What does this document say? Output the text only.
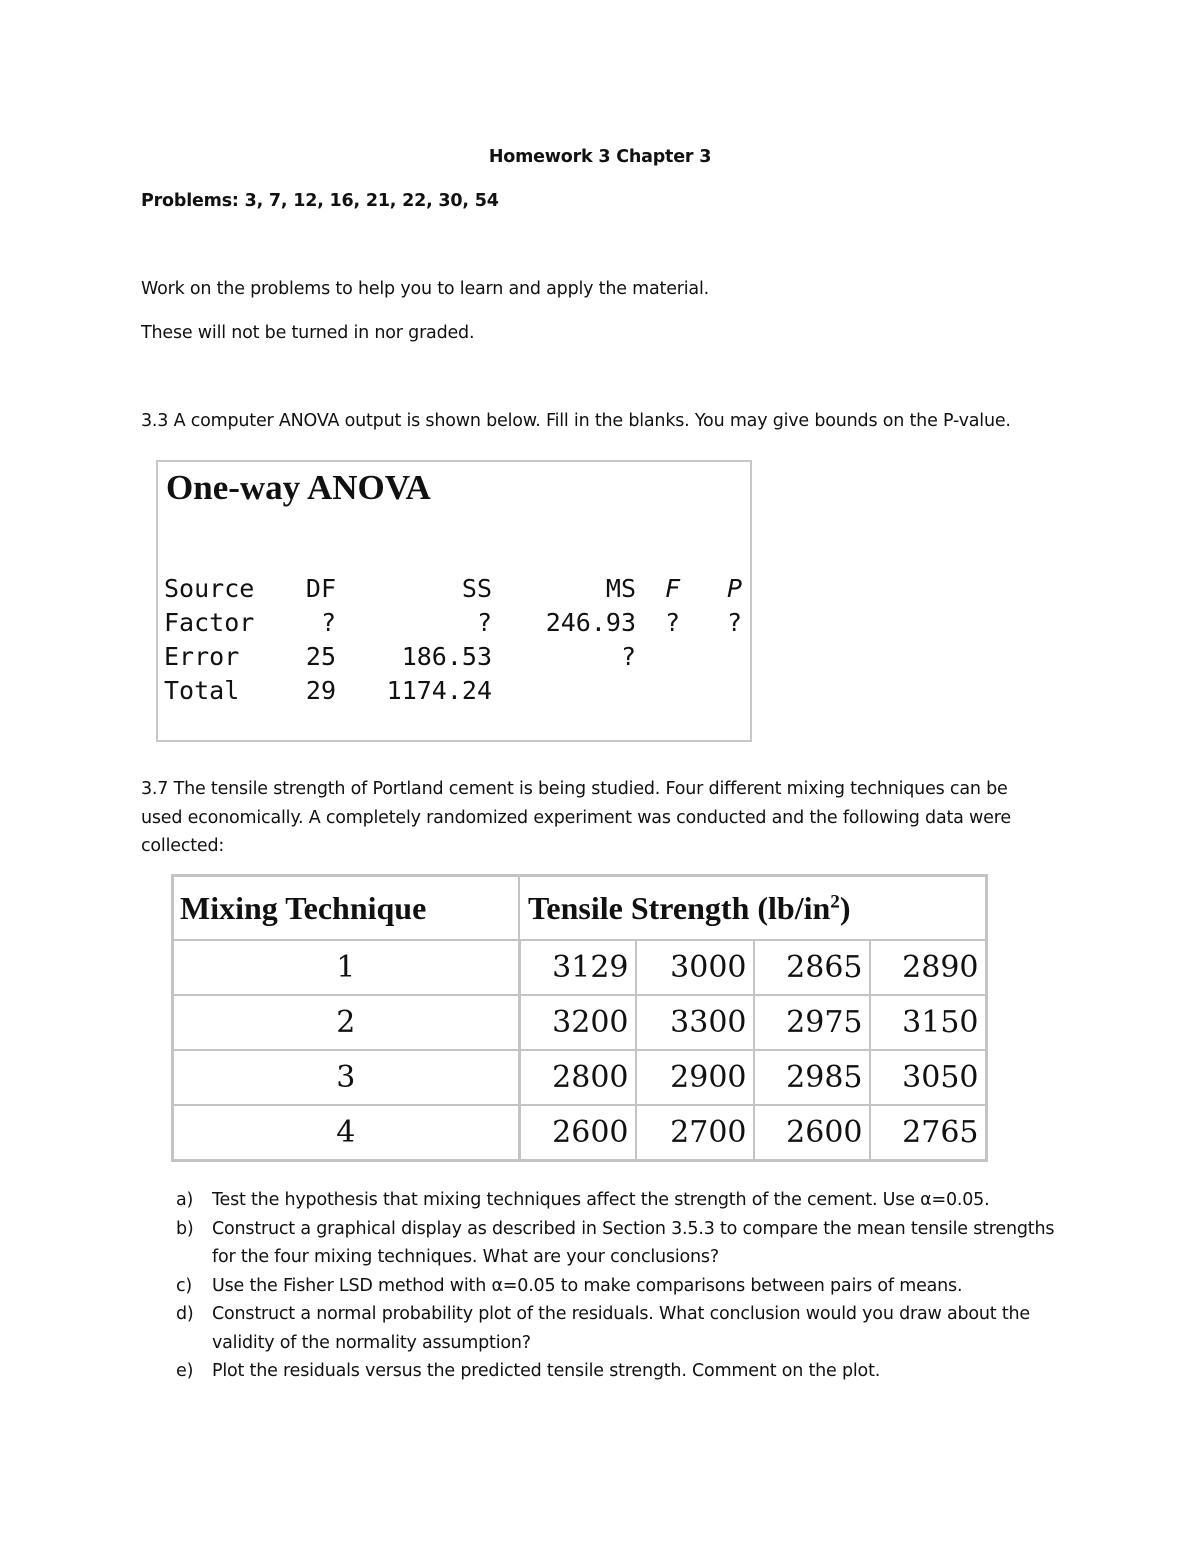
Homework 3 Chapter 3
Problems: 3, 7, 12, 16, 21, 22, 30, 54
Work on the problems to help you to learn and apply the material.
These will not be turned in nor graded.
3.3 A computer ANOVA output is shown below. Fill in the blanks. You may give bounds on the P-value.
One-way ANOVA
Source	DF	SS	MS	F	P
Factor	?	?	246.93	?	?
Error	25	186.53	?		
Total	29	1174.24			
3.7 The tensile strength of Portland cement is being studied. Four different mixing techniques can be used economically. A completely randomized experiment was conducted and the following data were collected:
Mixing Technique	Tensile Strength $(lb/in^2)$			
1	3129	3000	2865	2890
2	3200	3300	2975	3150
3	2800	2900	2985	3050
4	2600	2700	2600	2765
a) Test the hypothesis that mixing techniques affect the strength of the cement. Use α=0.05.
b) Construct a graphical display as described in Section 3.5.3 to compare the mean tensile strengths for the four mixing techniques. What are your conclusions?
c) Use the Fisher LSD method with α=0.05 to make comparisons between pairs of means.
d) Construct a normal probability plot of the residuals. What conclusion would you draw about the validity of the normality assumption?
e) Plot the residuals versus the predicted tensile strength. Comment on the plot.
